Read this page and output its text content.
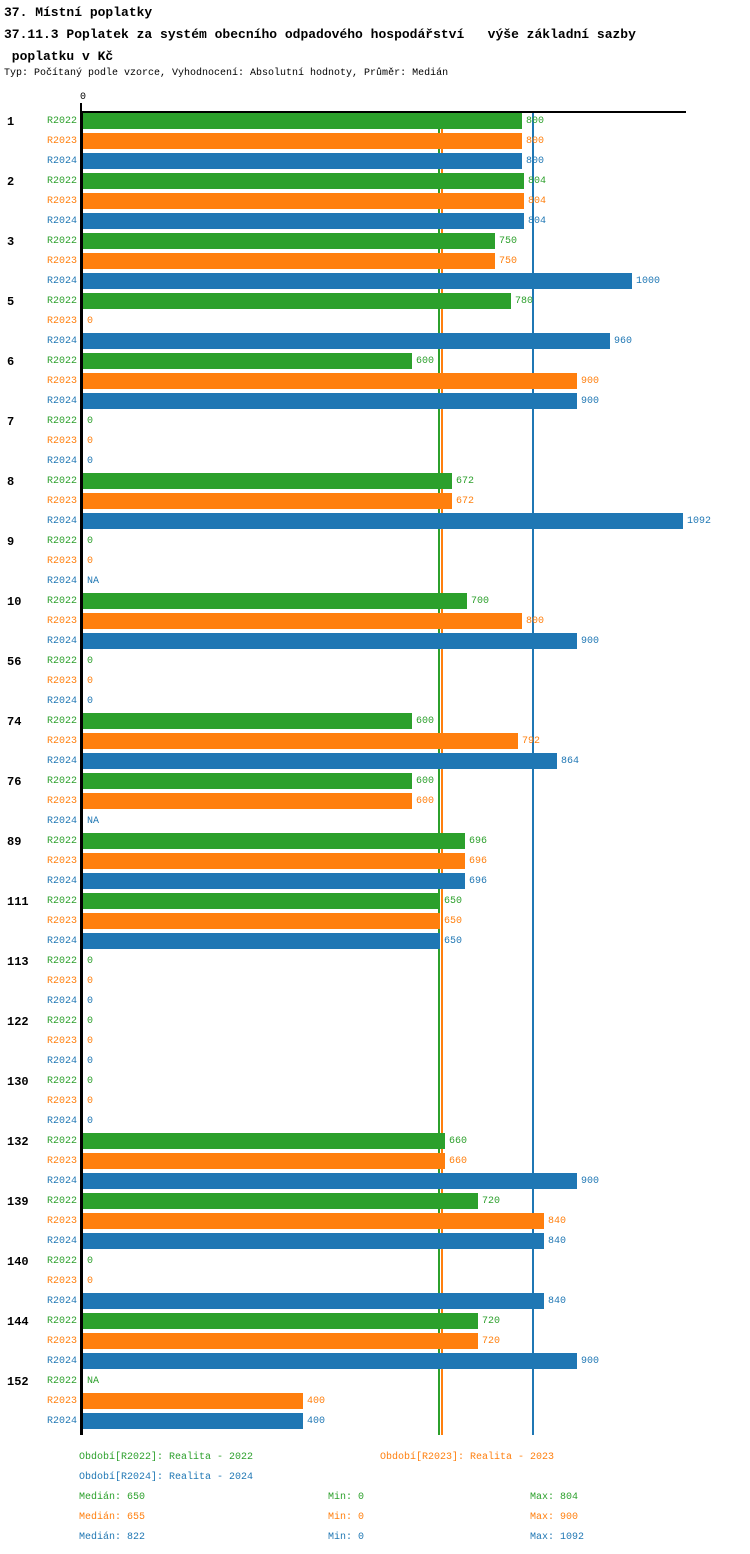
37. Místní poplatky
37.11.3 Poplatek za systém obecního odpadového hospodářství   výše základní sazby
poplatku v Kč
Typ: Počítaný podle vzorce, Vyhodnocení: Absolutní hodnoty, Průměr: Medián
0
1	R2022	800
R2023	800
R2024	800
2	R2022	804
R2023	804
R2024	804
3	R2022	750
R2023	750
R2024	1000
5	R2022	780
R2023 0
R2024	960
6	R2022	600
R2023	900
R2024	900
7	R2022 0
R2023 0
R2024 0
8	R2022	672
R2023	672
R2024	1092
9	R2022 0
R2023 0
R2024 NA
10	R2022	700
R2023	800
R2024	900
56	R2022 0
R2023 0
R2024 0
74	R2022	600
R2023	792
R2024	864
76	R2022	600
R2023	600
R2024 NA
89	R2022	696
R2023	696
R2024	696
111	R2022	650
R2023	650
R2024	650
113	R2022 0
R2023 0
R2024 0
122	R2022 0
R2023 0
R2024 0
130	R2022 0
R2023 0
R2024 0
132	R2022	660
R2023	660
R2024	900
139	R2022	720
R2023	840
R2024	840
140	R2022 0
R2023 0
R2024	840
144	R2022	720
R2023	720
R2024	900
152	R2022 NA
R2023	400
R2024	400
Období[R2022]: Realita - 2022	Období[R2023]: Realita - 2023
Období[R2024]: Realita - 2024
Medián: 650	Min: 0	Max: 804
Medián: 655	Min: 0	Max: 900
Medián: 822	Min: 0	Max: 1092
